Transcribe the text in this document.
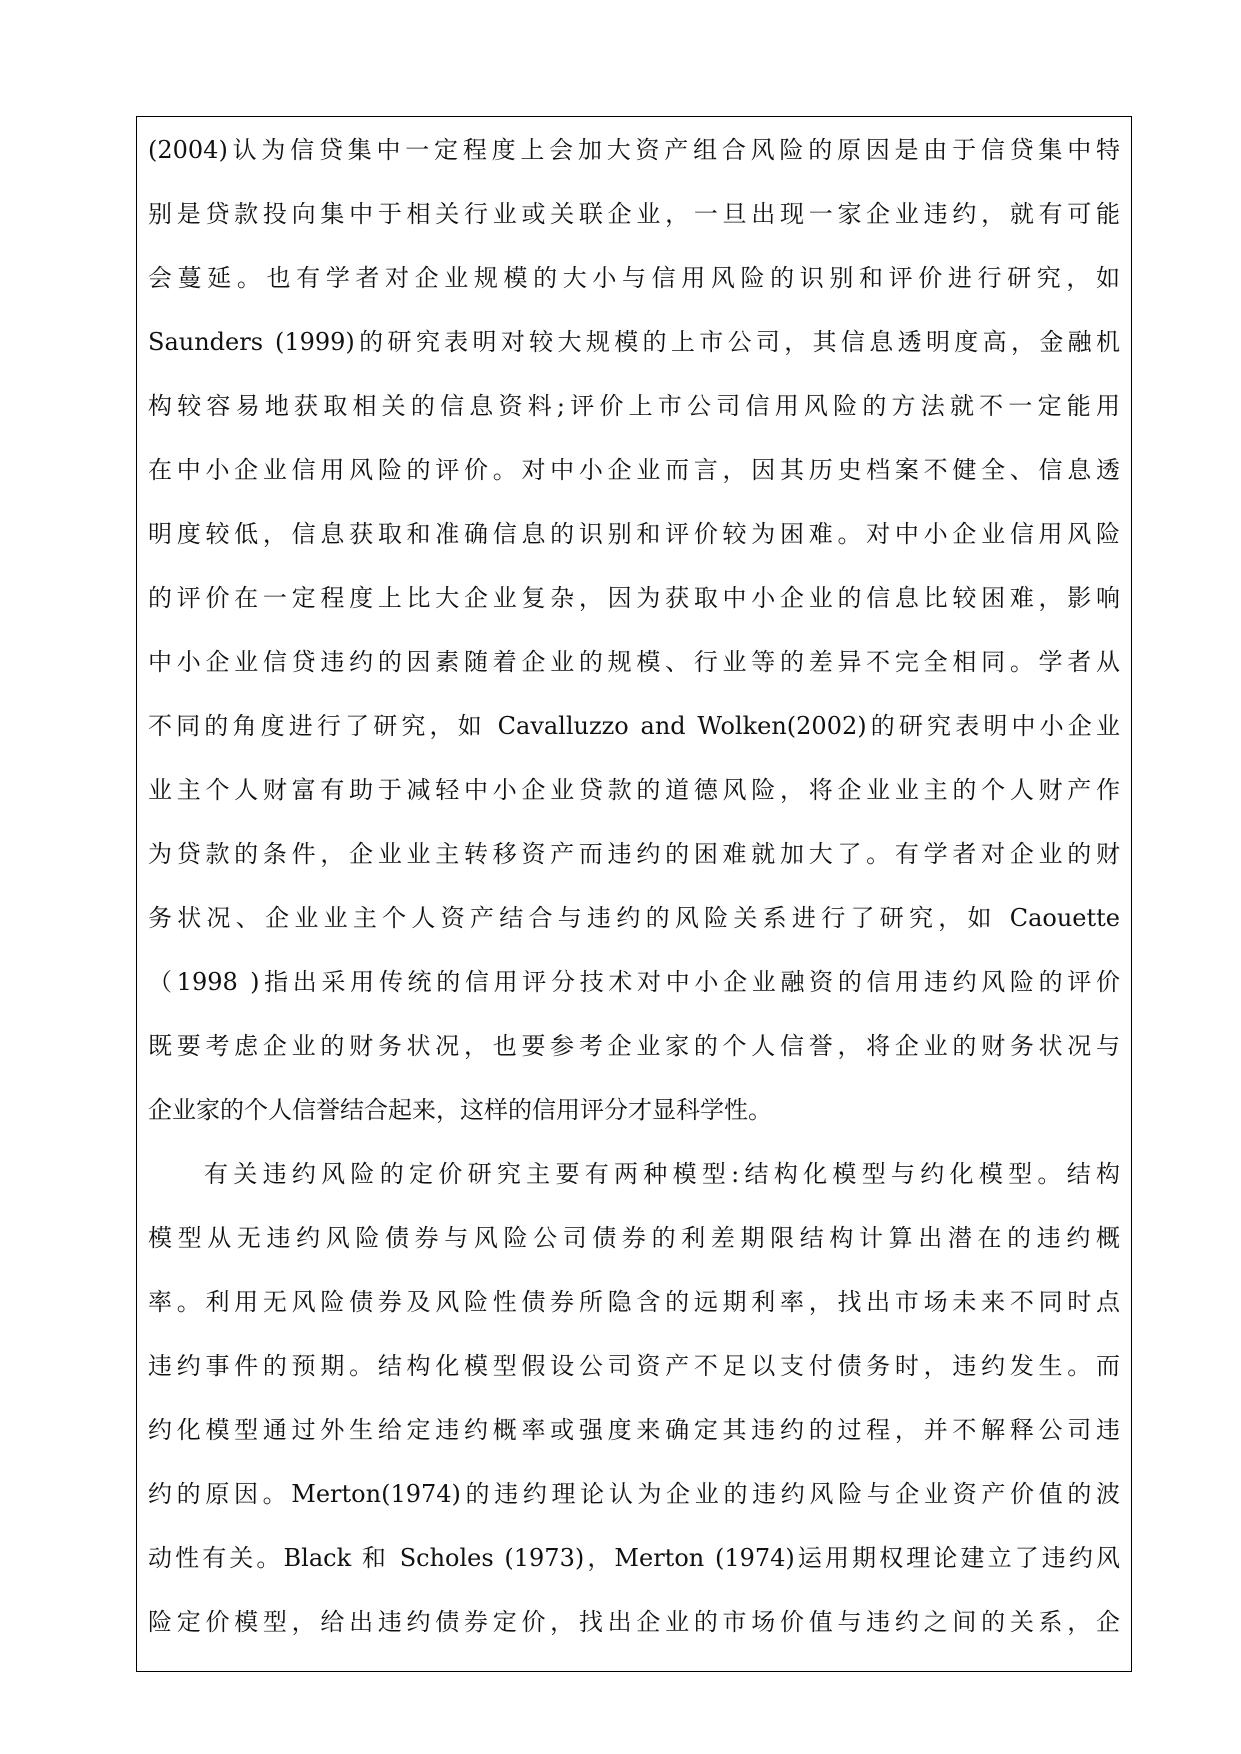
(2004)认为信贷集中一定程度上会加大资产组合风险的原因是由于信贷集中特
别是贷款投向集中于相关行业或关联企业，一旦出现一家企业违约，就有可能
会蔓延。也有学者对企业规模的大小与信用风险的识别和评价进行研究，如
Saunders (1999)的研究表明对较大规模的上市公司，其信息透明度高，金融机
构较容易地获取相关的信息资料;评价上市公司信用风险的方法就不一定能用
在中小企业信用风险的评价。对中小企业而言，因其历史档案不健全、信息透
明度较低，信息获取和准确信息的识别和评价较为困难。对中小企业信用风险
的评价在一定程度上比大企业复杂，因为获取中小企业的信息比较困难，影响
中小企业信贷违约的因素随着企业的规模、行业等的差异不完全相同。学者从
不同的角度进行了研究，如 Cavalluzzo and Wolken(2002)的研究表明中小企业
业主个人财富有助于减轻中小企业贷款的道德风险，将企业业主的个人财产作
为贷款的条件，企业业主转移资产而违约的困难就加大了。有学者对企业的财
务状况、企业业主个人资产结合与违约的风险关系进行了研究，如 Caouette
（1998 )指出采用传统的信用评分技术对中小企业融资的信用违约风险的评价
既要考虑企业的财务状况，也要参考企业家的个人信誉，将企业的财务状况与
企业家的个人信誉结合起来，这样的信用评分才显科学性。
有关违约风险的定价研究主要有两种模型:结构化模型与约化模型。结构
模型从无违约风险债券与风险公司债券的利差期限结构计算出潜在的违约概
率。利用无风险债券及风险性债券所隐含的远期利率，找出市场未来不同时点
违约事件的预期。结构化模型假设公司资产不足以支付债务时，违约发生。而
约化模型通过外生给定违约概率或强度来确定其违约的过程，并不解释公司违
约的原因。Merton(1974)的违约理论认为企业的违约风险与企业资产价值的波
动性有关。Black 和 Scholes (1973)，Merton (1974)运用期权理论建立了违约风
险定价模型，给出违约债券定价，找出企业的市场价值与违约之间的关系，企
